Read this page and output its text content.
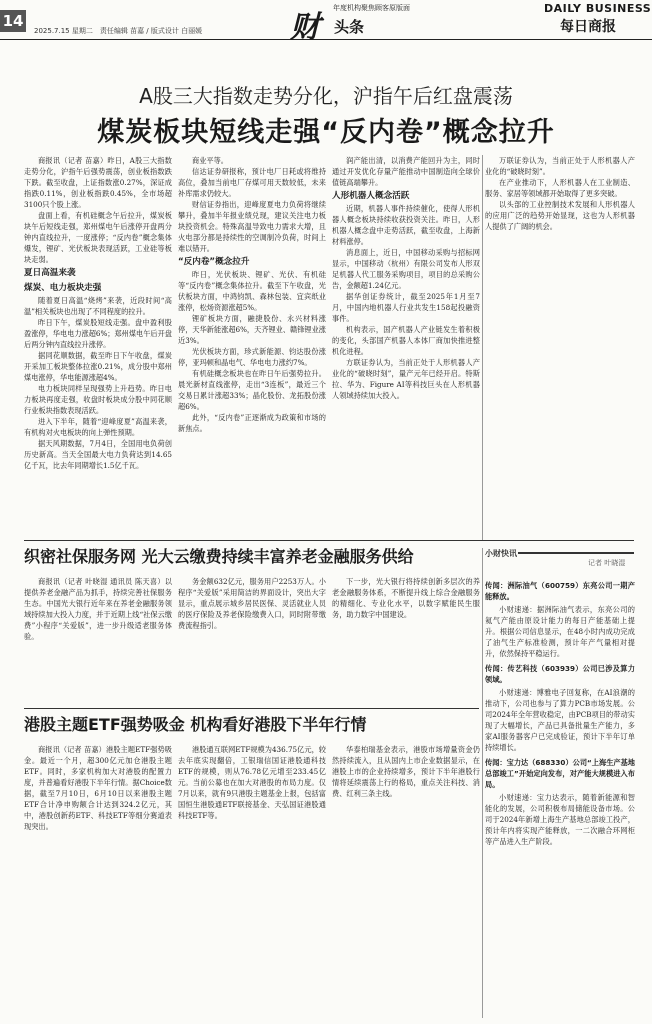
14
2025.7.15 星期二　责任编辑 苗嘉 / 版式设计 白丽媛	财
年度机构聚焦顾客原版面
头条
DAILY BUSINESS
每日商报
A股三大指数走势分化，沪指午后红盘震荡
煤炭板块短线走强“反内卷”概念拉升

商报讯（记者 苗嘉）昨日，A股三大指数走势分化，沪指午后强势震荡，创业板指数跌下跌。截至收盘，上证指数涨0.27%，深证成指跌0.11%，创业板指跌0.45%，全市场超3100只个股上涨。

盘面上看，有机硅概念午后拉升，煤炭板块午后短线走强，郑州煤电午后涨停开盘两分钟内直线拉升，一度涨停；“反内卷”概念集体爆发，锂矿、光伏板块表现活跃，工业硅等板块走弱。

夏日高温来袭
煤炭、电力板块走强

随着夏日高温“烧烤”来袭，近段时间“高温”相关板块也出现了不同程度的拉升。

昨日下午，煤炭股短线走强。盘中盈利股盈涨停，华电电力涨超6%；郑州煤电午后开盘后两分钟内直线拉升涨停。

据同花顺数据，截至昨日下午收盘，煤炭开采加工板块整体拉涨0.21%，成分股中郑州煤电涨停，华电能源涨超4%。

电力板块同样呈现强势上升趋势。昨日电力板块再度走强，收盘时板块成分股中同花顺行业板块指数表现活跃。

进入下半年，随着“迎峰度夏”高温来袭，有机构对火电板块的向上弹性预期。

据天风期数据，7月4日，全国用电负荷创历史新高。当天全国最大电力负荷达到14.65亿千瓦，比去年同期增长1.5亿千瓦。

商业平等。

信达证券研报称，预计电厂日耗或将维持高位，叠加当前电厂存煤可用天数较低，未来补库需求仍较大。

财信证券指出，迎峰度夏电力负荷将继续攀升，叠加半年报业绩兑现，建议关注电力板块投资机会。特殊高温导致电力需求大增，且火电部分都是持续性的空调制冷负荷，时间上难以错开。

“反内卷”概念拉升

昨日，光伏板块、锂矿、光伏、有机硅等“反内卷”概念集体拉升。截至下午收盘，光伏板块方面，中鸿钧凯、森林包装、宜宾纸业涨停，松炀资源涨超5%。

锂矿板块方面，融捷股份、永兴材料涨停，天华新能涨超6%，天齐锂业、赣锋锂业涨近3%。

光伏板块方面，珍式新能源、钧达股份涨停，亚玛顿和晶电气、华电电力涨约7%。

有机硅概念板块也在昨日午后强势拉升。晨光新材直线涨停，走出“3连板”，最近三个交易日累计涨超33%；晶化股份、龙拓股份涨超6%。

此外，“反内卷”正逐渐成为政策和市场的新焦点。

润产能出清，以消费产能回升为主，同时通过开发优化存量产能推动中国制造向全球价值链高端攀升。

人形机器人概念活跃

近期，机器人事件持续催化，使得人形机器人概念板块持续收获投资关注。昨日，人形机器人概念盘中走势活跃，截至收盘，上海新材料涨停。

消息面上，近日，中国移动采购与招标网显示，中国移动（杭州）有限公司发布人形双足机器人代工服务采购项目，项目的总采购公告，金额超1.24亿元。

据华创证券统计，截至2025年1月至7月，中国内地机器人行业共发生158起投融资事件。

机构表示，国产机器人产业链发生着积极的变化，头部国产机器人本体厂商加快推进整机化进程。

方联证券认为，当前正处于人形机器人产业化的“破晓时刻”，量产元年已经开启。特斯拉、华为、Figure AI等科技巨头在人形机器人领域持续加大投入。

万联证券认为，当前正处于人形机器人产业化的“破晓时刻”。

在产业推动下，人形机器人在工业制造、服务、家居等领域都开始取得了更多突破。

以头部的工业控制技术发展和人形机器人的应用广泛的趋势开始显现，这也为人形机器人提供了广阔的机会。

织密社保服务网 光大云缴费持续丰富养老金融服务供给

商报讯（记者 叶晓湿 通讯员 陈天喜）以提供养老金融产品为抓手，持续完善社保服务生态。中国光大银行近年来在养老金融服务领域持续加大投入力度，并于近期上线“社保云缴费”小程序“关爱版”，进一步升级适老服务体验。

务金额632亿元，服务用户2253万人。小程序“关爱版”采用简洁的界面设计，突出大字显示，重点展示城乡居民医保、灵活就业人员的医疗保险及养老保险缴费入口，同时附带缴费流程指引。

下一步，光大银行将持续创新多层次的养老金融服务体系，不断提升线上综合金融服务的精细化、专业化水平，以数字赋能民生服务，助力数字中国建设。

港股主题ETF强势吸金 机构看好港股下半年行情

商报讯（记者 苗嘉）港股主题ETF强势吸金。最近一个月，超300亿元加仓港股主题ETF。同时，多家机构加大对港股的配置力度，并普遍看好港股下半年行情。据Choice数据，截至7月10日，6月10日以来港股主题ETF合计净申购额合计达到324.2亿元，其中，港股创新药ETF、科技ETF等细分赛道表现突出。

港股通互联网ETF规模为436.75亿元，较去年底实现翻倍，工银瑞信国证港股通科技ETF的规模，则从76.78亿元增至233.45亿元。当前公募也在加大对港股的布局力度。仅7月以来，就有9只港股主题基金上报，包括富国恒生港股通ETF联接基金、天弘国证港股通科技ETF等。

华泰柏瑞基金表示，港股市场增量资金仍然持续流入，且从国内上市企业数据显示，在港股上市的企业持续增多，预计下半年港股行情将延续震荡上行的格局，重点关注科技、消费、红利三条主线。

小财快讯
记者 叶晓湿
传闻：洲际油气（600759）东亮公司一期产能释放。

小财速递：据洲际油气表示，东亮公司的氦气产能由原设计能力的每日产能基础上提升。根据公司信息显示，在48小时内成功完成了油气生产标准检测，预计年产气量相对提升，依然保持平稳运行。

传闻：传艺科技（603939）公司已涉及算力领域。

小财速递：博雅电子回复称，在AI浪潮的推动下，公司也参与了算力PCB市场发展。公司2024年全年营收稳定，由PCB项目的带动实现了大幅增长，产品已具备批量生产能力，多家AI服务器客户已完成验证，预计下半年订单持续增长。

传闻：宝力达（688330）公司“上海生产基地总部竣工”开始定向发布，对产能大规模进入布局。

小财速递：宝力达表示，随着新能源和智能化的发展，公司积极布局储能设备市场。公司于2024年新增上海生产基地总部竣工投产，预计年内将实现产能释放，一二次融合环网柜等产品进入生产阶段。
